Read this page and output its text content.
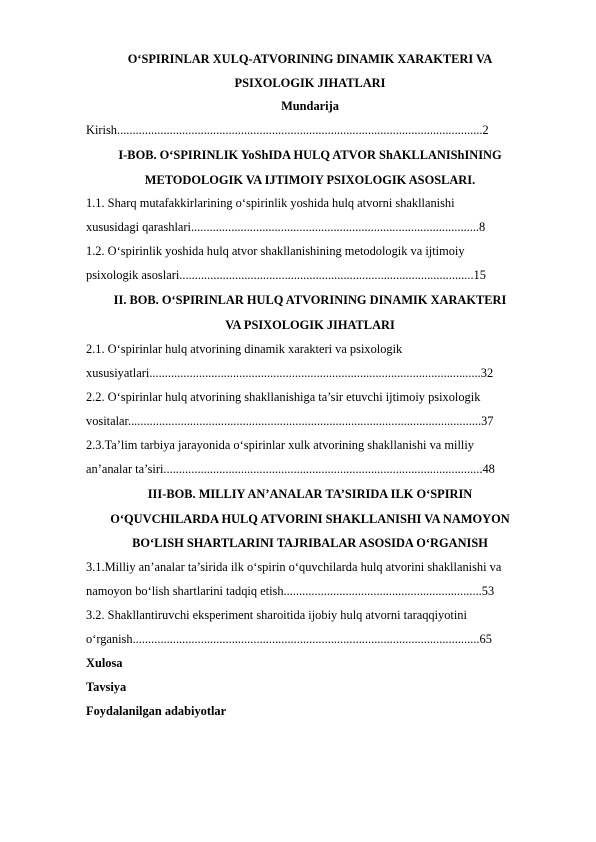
O‘SPIRINLAR XULQ-ATVORINING DINAMIK XARAKTERI VA
PSIXOLOGIK JIHATLARI
Mundarija
Kirish......................................................................................................................2
I-BOB. O‘SPIRINLIK YoShIDA HULQ ATVOR ShAKLLANIShINING
METODOLOGIK VA IJTIMOIY PSIXOLOGIK ASOSLARI.
1.1. Sharq mutafakkirlarining o‘spirinlik yoshida hulq atvorni shakllanishi
xususidagi qarashlari.............................................................................................8
1.2. O‘spirinlik yoshida hulq atvor shakllanishining metodologik va ijtimoiy
psixologik asoslari...............................................................................................15
II. BOB. O‘SPIRINLAR HULQ ATVORINING DINAMIK XARAKTERI
VA PSIXOLOGIK JIHATLARI
2.1. O‘spirinlar hulq atvorining dinamik xarakteri va psixologik
xususiyatlari...........................................................................................................32
2.2. O‘spirinlar hulq atvorining shakllanishiga ta’sir etuvchi ijtimoiy psixologik
vositalar..................................................................................................................37
2.3.Ta’lim tarbiya jarayonida o‘spirinlar xulk atvorining shakllanishi va milliy
an’analar ta’siri.......................................................................................................48
III-BOB. MILLIY AN’ANALAR TA’SIRIDA ILK O‘SPIRIN
O‘QUVCHILARDA HULQ ATVORINI SHAKLLANISHI VA NAMOYON
BO‘LISH SHARTLARINI TAJRIBALAR ASOSIDA O‘RGANISH
3.1.Milliy an’analar ta’sirida ilk o‘spirin o‘quvchilarda hulq atvorini shakllanishi va
namoyon bo‘lish shartlarini tadqiq etish................................................................53
3.2. Shakllantiruvchi eksperiment sharoitida ijobiy hulq atvorni taraqqiyotini
o‘rganish................................................................................................................65
Xulosa
Tavsiya
Foydalanilgan adabiyotlar
